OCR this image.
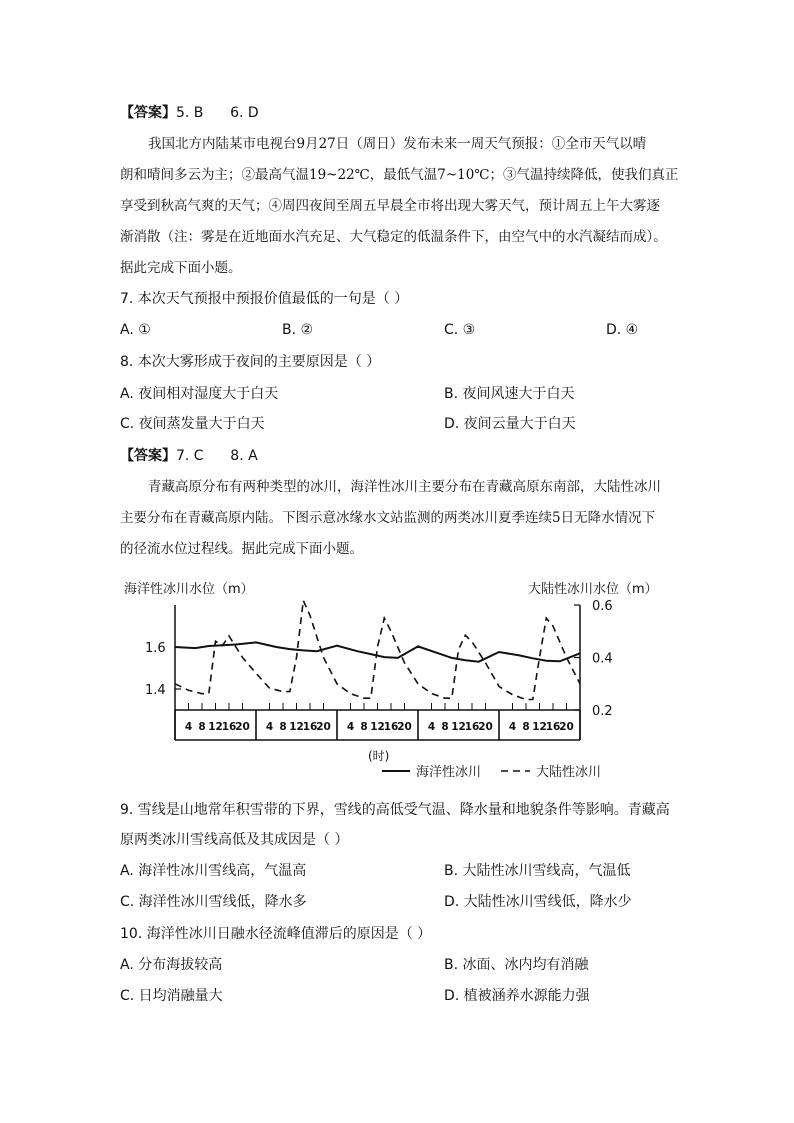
【答案】5. B      6. D
我国北方内陆某市电视台9月27日（周日）发布未来一周天气预报：①全市天气以晴
朗和晴间多云为主；②最高气温19~22℃，最低气温7~10℃；③气温持续降低，使我们真正
享受到秋高气爽的天气；④周四夜间至周五早晨全市将出现大雾天气，预计周五上午大雾逐
渐消散（注：雾是在近地面水汽充足、大气稳定的低温条件下，由空气中的水汽凝结而成）。
据此完成下面小题。
7. 本次天气预报中预报价值最低的一句是（ ）
A. ①	B. ②	C. ③	D. ④
8. 本次大雾形成于夜间的主要原因是（ ）
A. 夜间相对湿度大于白天	B. 夜间风速大于白天
C. 夜间蒸发量大于白天	D. 夜间云量大于白天
【答案】7. C      8. A
青藏高原分布有两种类型的冰川，海洋性冰川主要分布在青藏高原东南部，大陆性冰川
主要分布在青藏高原内陆。下图示意冰缘水文站监测的两类冰川夏季连续5日无降水情况下
的径流水位过程线。据此完成下面小题。
海洋性冰川水位（m）	大陆性冰川水位（m）
1.6
1.4
0.6
0.4
0.2
4 8 12
16
20 4 8 12
16
20 4 8 12
16
20 4 8 12
16
20 4 8 12
16
20
(时)
海洋性冰川	大陆性冰川
9. 雪线是山地常年积雪带的下界，雪线的高低受气温、降水量和地貌条件等影响。青藏高
原两类冰川雪线高低及其成因是（ ）
A. 海洋性冰川雪线高，气温高	B. 大陆性冰川雪线高，气温低
C. 海洋性冰川雪线低，降水多	D. 大陆性冰川雪线低，降水少
10. 海洋性冰川日融水径流峰值滞后的原因是（ ）
A. 分布海拔较高	B. 冰面、冰内均有消融
C. 日均消融量大	D. 植被涵养水源能力强
